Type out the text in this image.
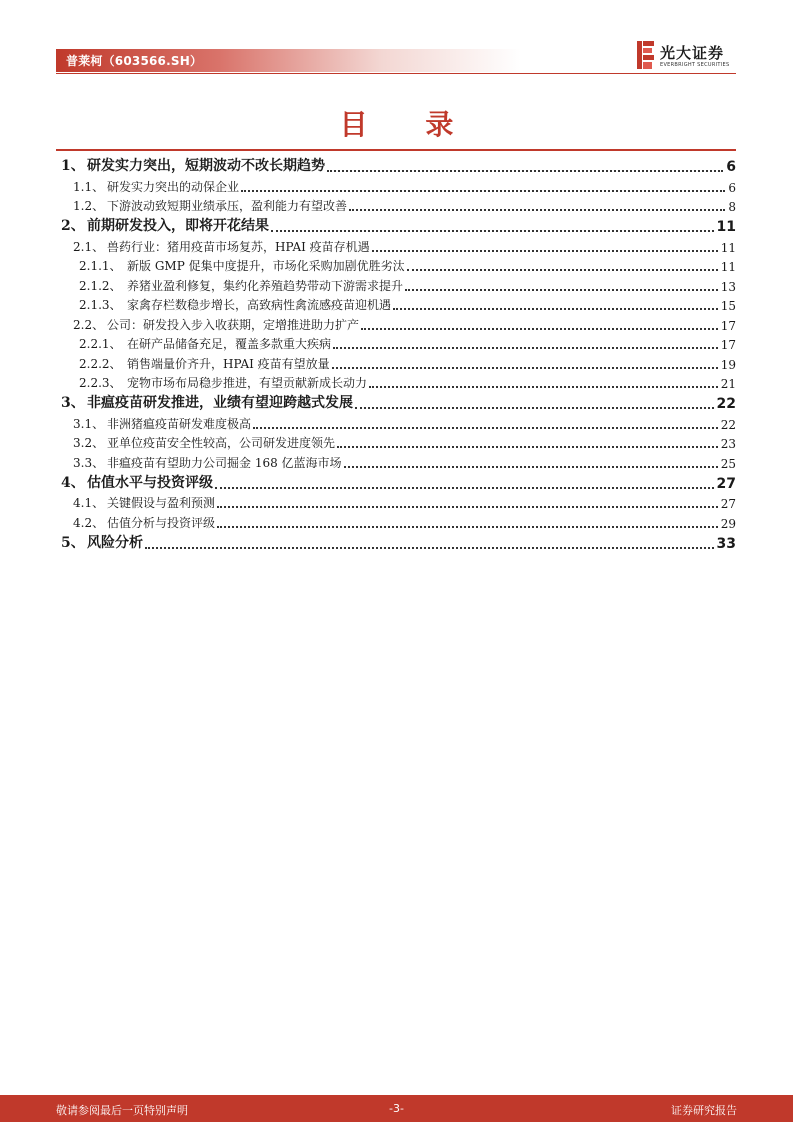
普莱柯（603566.SH）	光大证券
EVERBRIGHT SECURITIES
目 录
1、 研发实力突出，短期波动不改长期趋势	6
1.1、 研发实力突出的动保企业	6
1.2、 下游波动致短期业绩承压，盈利能力有望改善	8
2、 前期研发投入，即将开花结果	11
2.1、 兽药行业：猪用疫苗市场复苏，HPAI 疫苗存机遇	11
2.1.1、 新版 GMP 促集中度提升，市场化采购加剧优胜劣汰	11
2.1.2、 养猪业盈利修复，集约化养殖趋势带动下游需求提升	13
2.1.3、 家禽存栏数稳步增长，高致病性禽流感疫苗迎机遇	15
2.2、 公司：研发投入步入收获期，定增推进助力扩产	17
2.2.1、 在研产品储备充足，覆盖多款重大疾病	17
2.2.2、 销售端量价齐升，HPAI 疫苗有望放量	19
2.2.3、 宠物市场布局稳步推进，有望贡献新成长动力	21
3、 非瘟疫苗研发推进，业绩有望迎跨越式发展	22
3.1、 非洲猪瘟疫苗研发难度极高	22
3.2、 亚单位疫苗安全性较高，公司研发进度领先	23
3.3、 非瘟疫苗有望助力公司掘金 168 亿蓝海市场	25
4、 估值水平与投资评级	27
4.1、 关键假设与盈利预测	27
4.2、 估值分析与投资评级	29
5、 风险分析	33
敬请参阅最后一页特别声明	-3-	证券研究报告
